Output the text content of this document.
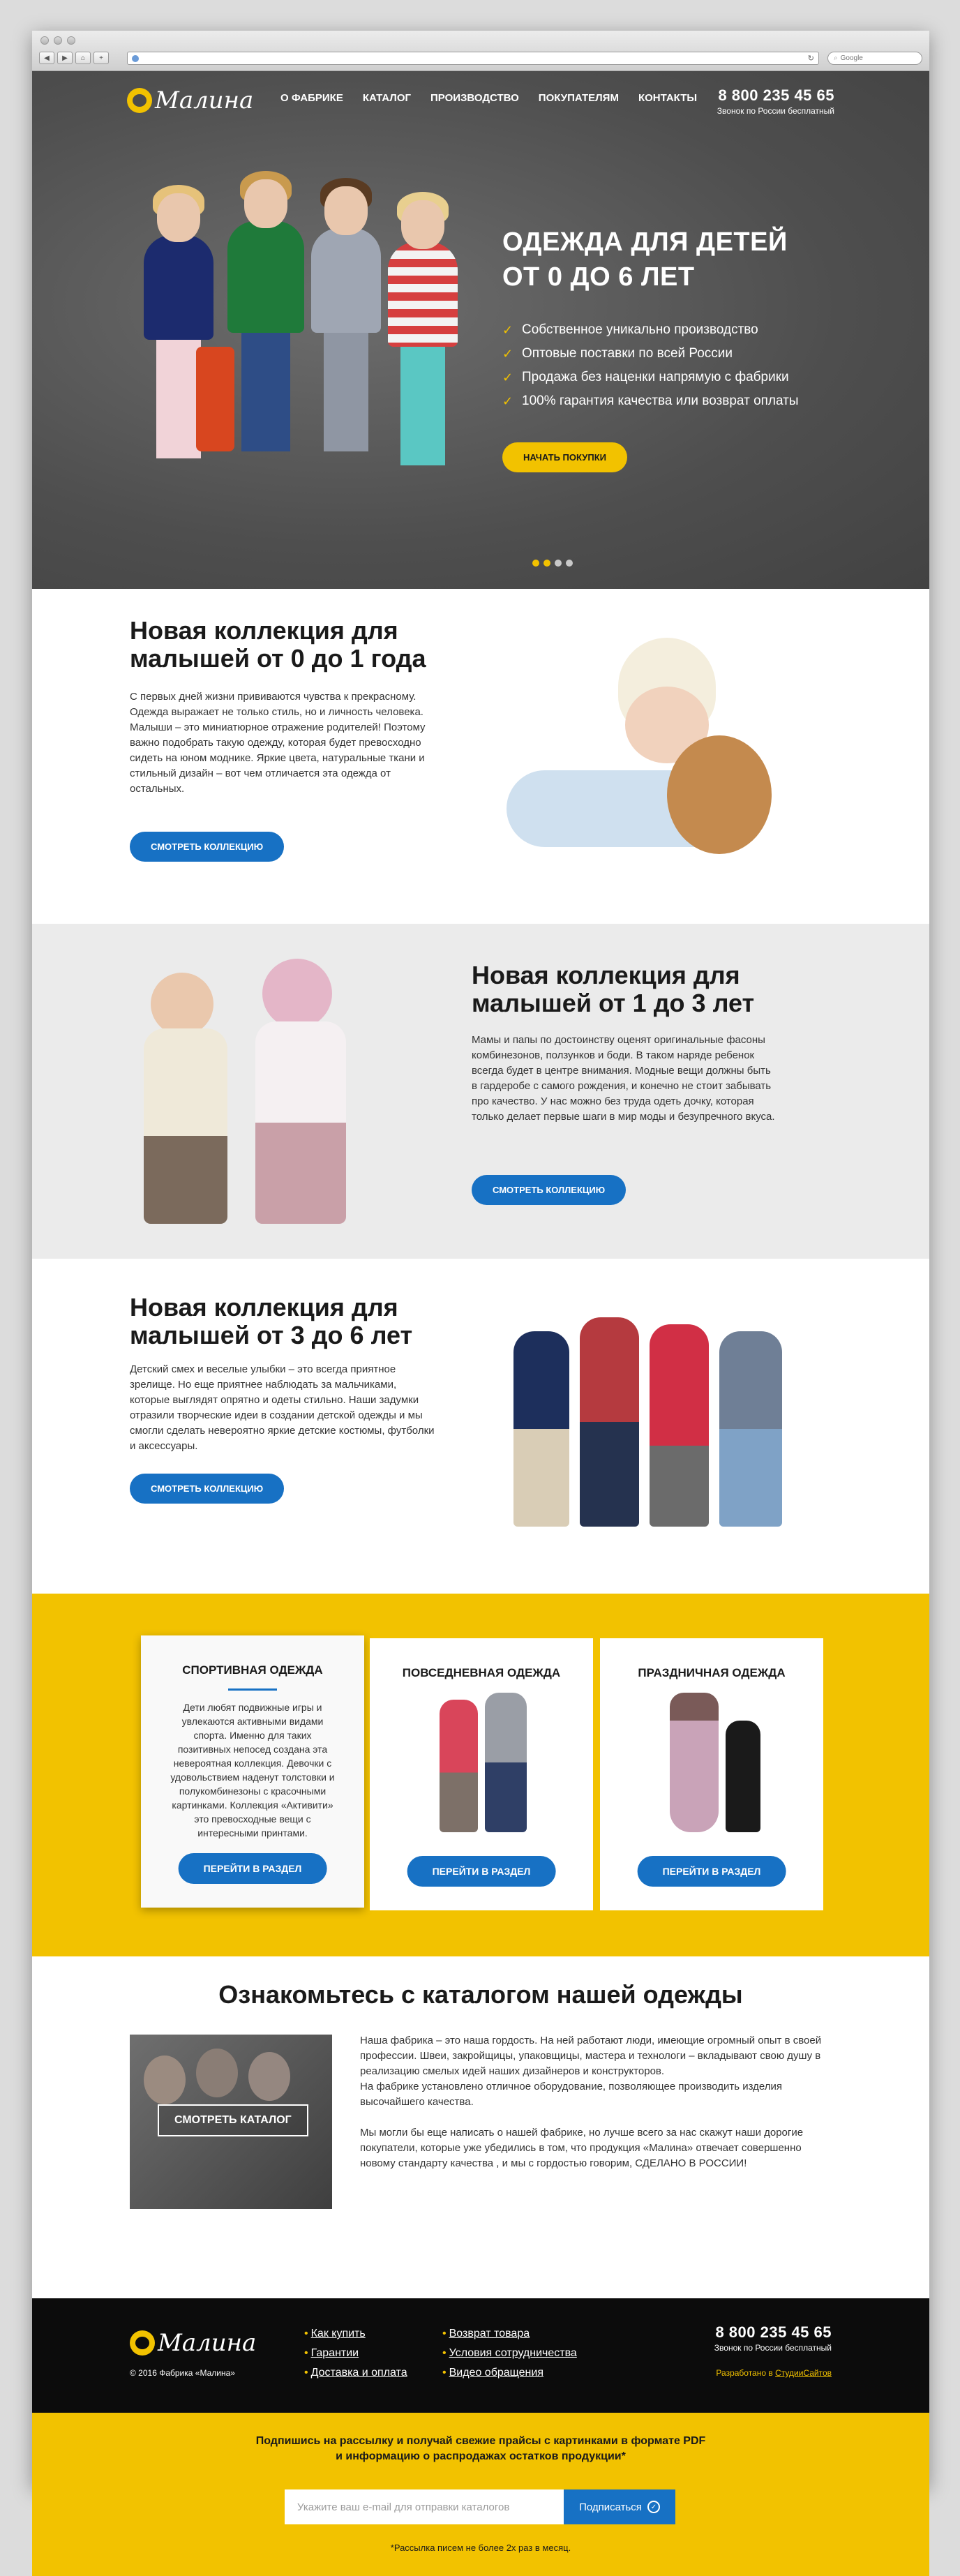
◀	▶	⌂	+	↻	⌕
Google
Малина	О ФАБРИКЕ КАТАЛОГ ПРОИЗВОДСТВО ПОКУПАТЕЛЯМ КОНТАКТЫ 8 800 235 45 65
Звонок по России бесплатный
ОДЕЖДА ДЛЯ ДЕТЕЙ
ОТ 0 ДО 6 ЛЕТ
✓ Собственное уникально производство
✓ Оптовые поставки по всей России
✓ Продажа без наценки напрямую с фабрики
✓ 100% гарантия качества или возврат оплаты
НАЧАТЬ ПОКУПКИ
Новая коллекция для
малышей от 0 до 1 года

С первых дней жизни прививаются чувства к прекрасному. Одежда выражает не только стиль, но и личность человека. Малыши – это миниатюрное отражение родителей! Поэтому важно подобрать такую одежду, которая будет превосходно сидеть на юном моднике. Яркие цвета, натуральные ткани и стильный дизайн – вот чем отличается эта одежда от остальных.

СМОТРЕТЬ КОЛЛЕКЦИЮ
Новая коллекция для
малышей от 1 до 3 лет

Мамы и папы по достоинству оценят оригинальные фасоны комбинезонов, ползунков и боди. В таком наряде ребенок всегда будет в центре внимания. Модные вещи должны быть в гардеробе с самого рождения, и конечно не стоит забывать про качество. У нас можно без труда одеть дочку, которая только делает первые шаги в мир моды и безупречного вкуса.

СМОТРЕТЬ КОЛЛЕКЦИЮ
Новая коллекция для
малышей от 3 до 6 лет

Детский смех и веселые улыбки – это всегда приятное зрелище. Но еще приятнее наблюдать за мальчиками, которые выглядят опрятно и одеты стильно. Наши задумки отразили творческие идеи в создании детской одежды и мы смогли сделать невероятно яркие детские костюмы, футболки и аксессуары.

СМОТРЕТЬ КОЛЛЕКЦИЮ
СПОРТИВНАЯ ОДЕЖДА

Дети любят подвижные игры и увлекаются активными видами спорта. Именно для таких позитивных непосед создана эта невероятная коллекция. Девочки с удовольствием наденут толстовки и полукомбинезоны с красочными картинками. Коллекция «Активити» это превосходные вещи с интересными принтами.

ПЕРЕЙТИ В РАЗДЕЛ
ПОВСЕДНЕВНАЯ ОДЕЖДА
ПЕРЕЙТИ В РАЗДЕЛ
ПРАЗДНИЧНАЯ ОДЕЖДА
ПЕРЕЙТИ В РАЗДЕЛ
Ознакомьтесь с каталогом нашей одежды
СМОТРЕТЬ КАТАЛОГ

Наша фабрика – это наша гордость. На ней работают люди, имеющие огромный опыт в своей профессии. Швеи, закройщицы, упаковщицы, мастера и технологи – вкладывают свою душу в реализацию смелых идей наших дизайнеров и конструкторов.

На фабрике установлено отличное оборудование, позволяющее производить изделия высочайшего качества.

Мы могли бы еще написать о нашей фабрике, но лучше всего за нас скажут наши дорогие покупатели, которые уже убедились в том, что продукция «Малина» отвечает совершенно новому стандарту качества , и мы с гордостью говорим, СДЕЛАНО В РОССИИ!

Малина
© 2016 Фабрика «Малина»
• Как купить
• Гарантии
• Доставка и оплата
• Возврат товара
• Условия сотрудничества
• Видео обращения
8 800 235 45 65
Звонок по России бесплатный
Разработано в СтудииСайтов
Подпишись на рассылку и получай свежие прайсы с картинками в формате PDF
и информацию о распродажах остатков продукции*
Укажите ваш e-mail для отправки каталогов
Подписаться	✓
*Рассылка писем не более 2х раз в месяц.
